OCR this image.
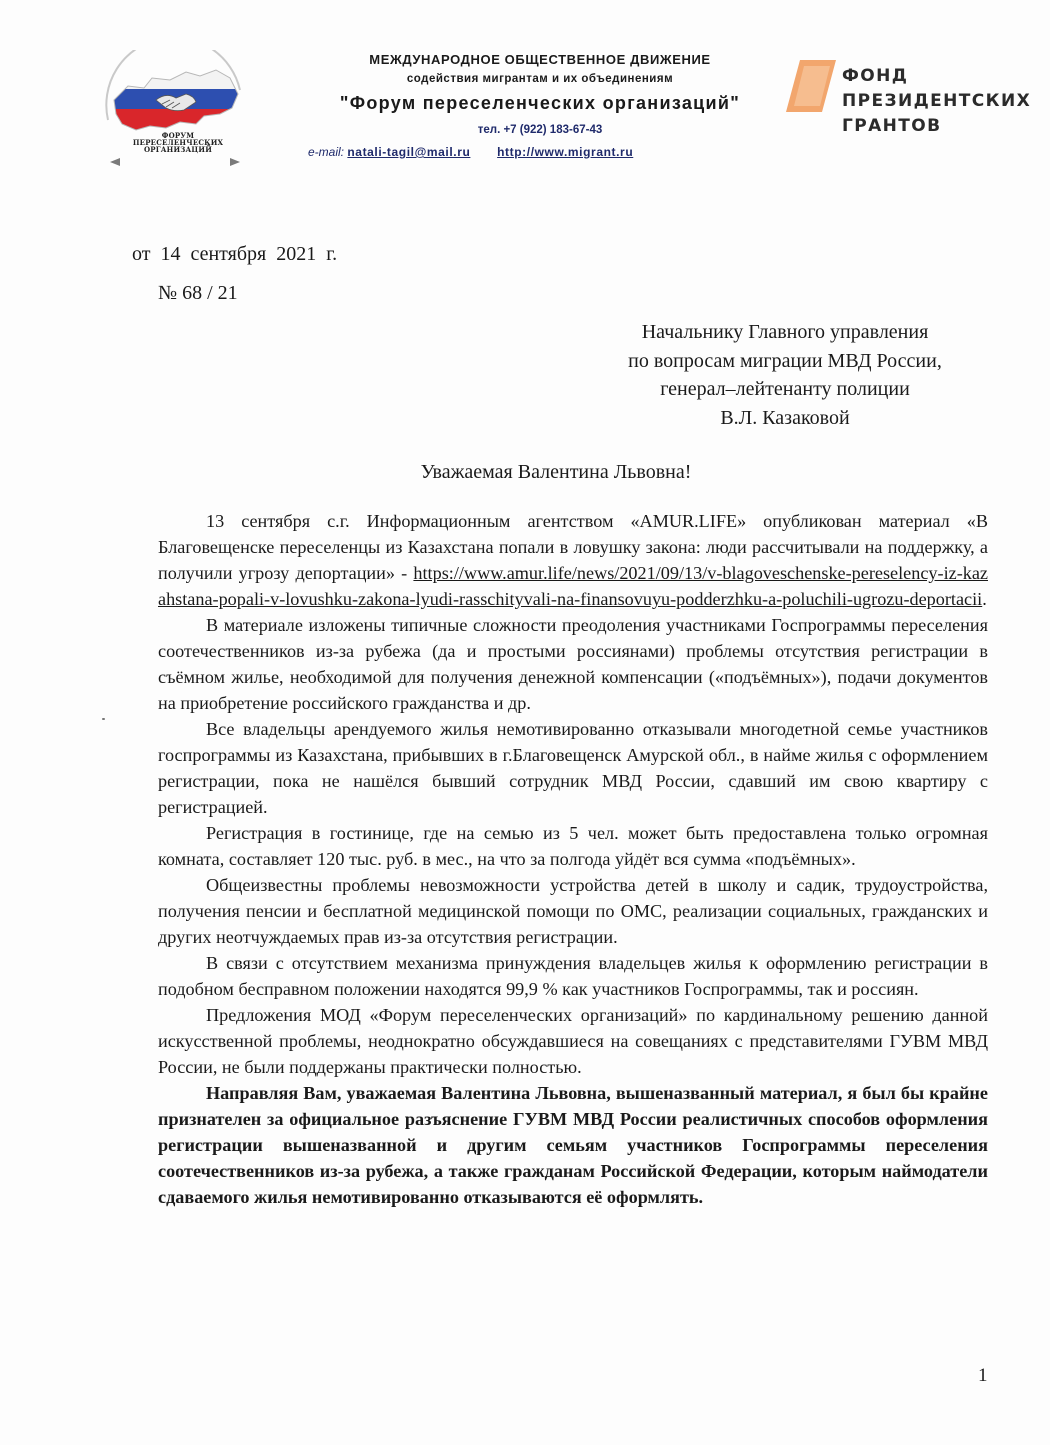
ФОРУМ ПЕРЕСЕЛЕНЧЕСКИХ ОРГАНИЗАЦИЙ
МЕЖДУНАРОДНОЕ ОБЩЕСТВЕННОЕ ДВИЖЕНИЕ
содействия мигрантам и их объединениям
"Форум переселенческих организаций"
тел. +7 (922) 183-67-43
e-mail: natali-tagil@mail.ru http://www.migrant.ru
ФОНД
ПРЕЗИДЕНТСКИХ
ГРАНТОВ
от 14 сентября 2021 г.
№ 68 / 21
Начальнику Главного управления
по вопросам миграции МВД России,
генерал–лейтенанту полиции
В.Л. Казаковой
Уважаемая Валентина Львовна!

13 сентября с.г. Информационным агентством «AMUR.LIFE» опубликован материал «В Благовещенске переселенцы из Казахстана попали в ловушку закона: люди рассчитывали на поддержку, а получили угрозу депортации» - https://www.amur.life/news/2021/09/13/v-blagoveschenske-pereselency-iz-kazahstana-popali-v-lovushku-zakona-lyudi-rasschityvali-na-finansovuyu-podderzhku-a-poluchili-ugrozu-deportacii.

В материале изложены типичные сложности преодоления участниками Госпрограммы переселения соотечественников из-за рубежа (да и простыми россиянами) проблемы отсутствия регистрации в съёмном жилье, необходимой для получения денежной компенсации («подъёмных»), подачи документов на приобретение российского гражданства и др.

Все владельцы арендуемого жилья немотивированно отказывали многодетной семье участников госпрограммы из Казахстана, прибывших в г.Благовещенск Амурской обл., в найме жилья с оформлением регистрации, пока не нашёлся бывший сотрудник МВД России, сдавший им свою квартиру с регистрацией.

Регистрация в гостинице, где на семью из 5 чел. может быть предоставлена только огромная комната, составляет 120 тыс. руб. в мес., на что за полгода уйдёт вся сумма «подъёмных».

Общеизвестны проблемы невозможности устройства детей в школу и садик, трудоустройства, получения пенсии и бесплатной медицинской помощи по ОМС, реализации социальных, гражданских и других неотчуждаемых прав из-за отсутствия регистрации.

В связи с отсутствием механизма принуждения владельцев жилья к оформлению регистрации в подобном бесправном положении находятся 99,9 % как участников Госпрограммы, так и россиян.

Предложения МОД «Форум переселенческих организаций» по кардинальному решению данной искусственной проблемы, неоднократно обсуждавшиеся на совещаниях с представителями ГУВМ МВД России, не были поддержаны практически полностью.

Направляя Вам, уважаемая Валентина Львовна, вышеназванный материал, я был бы крайне признателен за официальное разъяснение ГУВМ МВД России реалистичных способов оформления регистрации вышеназванной и другим семьям участников Госпрограммы переселения соотечественников из-за рубежа, а также гражданам Российской Федерации, которым наймодатели сдаваемого жилья немотивированно отказываются её оформлять.

1
